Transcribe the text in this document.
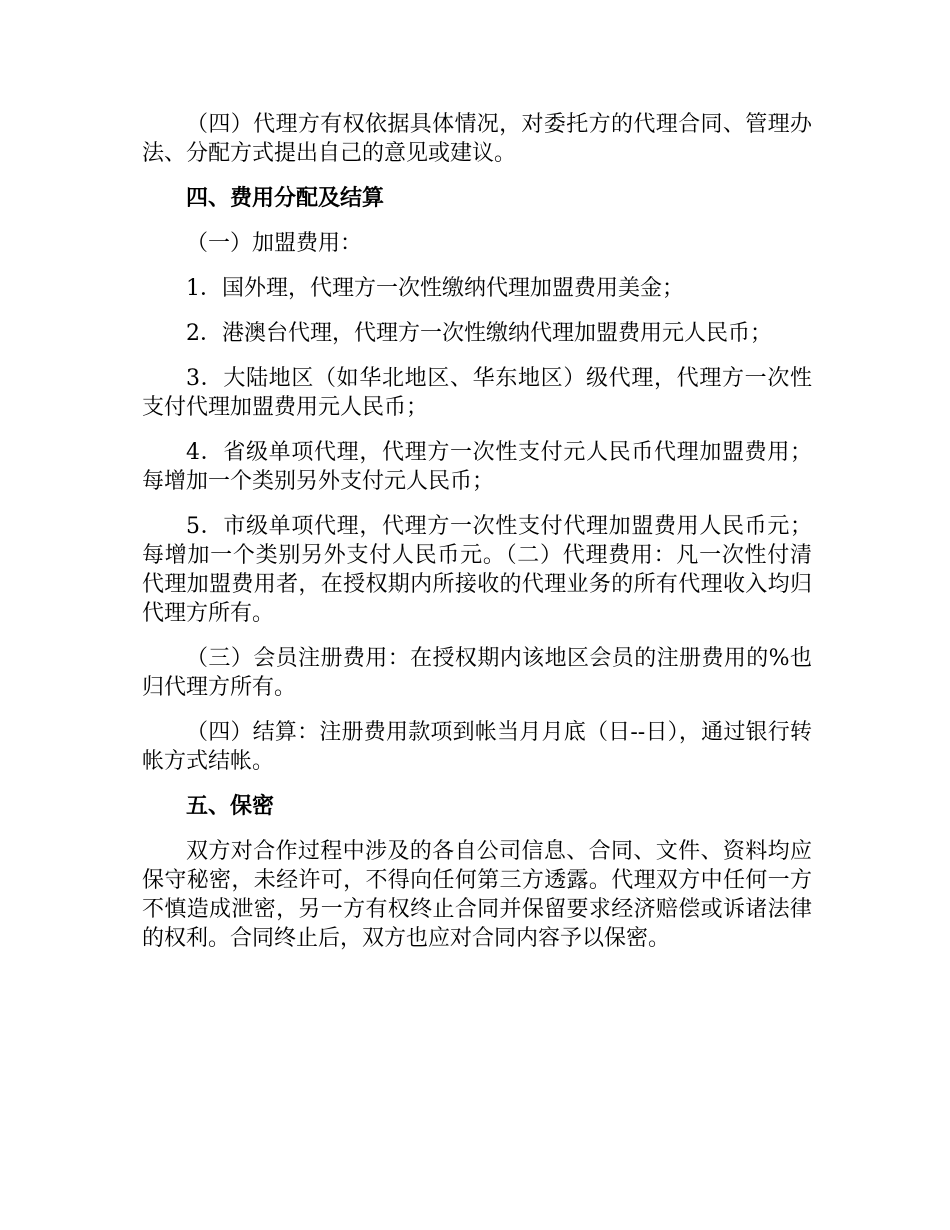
（四）代理方有权依据具体情况，对委托方的代理合同、管理办法、分配方式提出自己的意见或建议。

四、费用分配及结算

（一）加盟费用：

1．国外理，代理方一次性缴纳代理加盟费用美金；

2．港澳台代理，代理方一次性缴纳代理加盟费用元人民币；

3．大陆地区（如华北地区、华东地区）级代理，代理方一次性支付代理加盟费用元人民币；

4．省级单项代理，代理方一次性支付元人民币代理加盟费用；每增加一个类别另外支付元人民币；

5．市级单项代理，代理方一次性支付代理加盟费用人民币元；每增加一个类别另外支付人民币元。（二）代理费用：凡一次性付清代理加盟费用者，在授权期内所接收的代理业务的所有代理收入均归代理方所有。

（三）会员注册费用：在授权期内该地区会员的注册费用的%也归代理方所有。

（四）结算：注册费用款项到帐当月月底（日--日），通过银行转帐方式结帐。

五、保密

双方对合作过程中涉及的各自公司信息、合同、文件、资料均应保守秘密，未经许可，不得向任何第三方透露。代理双方中任何一方不慎造成泄密，另一方有权终止合同并保留要求经济赔偿或诉诸法律的权利。合同终止后，双方也应对合同内容予以保密。
